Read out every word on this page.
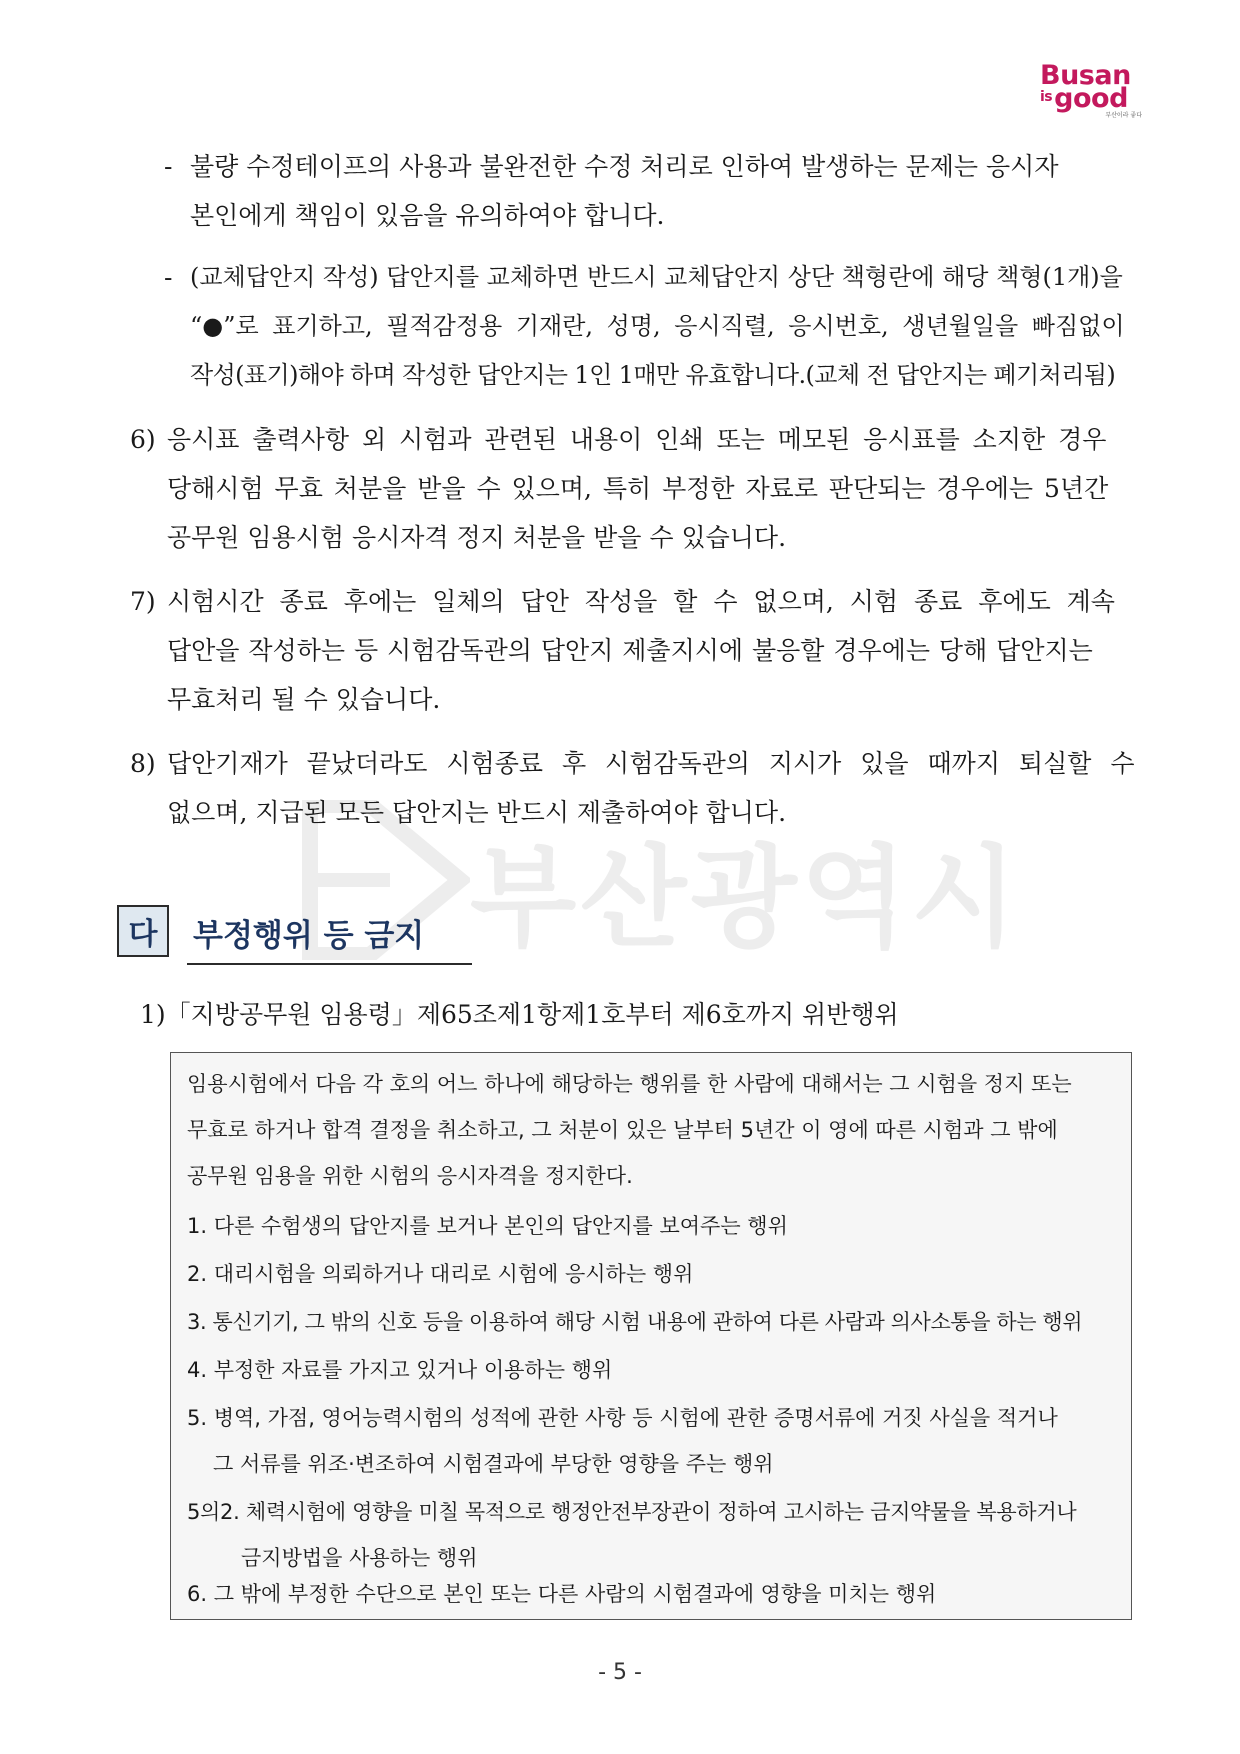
Busan
$^{is}$good
부산이라 좋다
부산광역시
- 불량 수정테이프의 사용과 불완전한 수정 처리로 인하여 발생하는 문제는 응시자
본인에게 책임이 있음을 유의하여야 합니다.
- (교체답안지 작성) 답안지를 교체하면 반드시 교체답안지 상단 책형란에 해당 책형(1개)을
“●”로 표기하고, 필적감정용 기재란, 성명, 응시직렬, 응시번호, 생년월일을 빠짐없이
작성(표기)해야 하며 작성한 답안지는 1인 1매만 유효합니다.(교체 전 답안지는 폐기처리됨)
6) 응시표 출력사항 외 시험과 관련된 내용이 인쇄 또는 메모된 응시표를 소지한 경우
당해시험 무효 처분을 받을 수 있으며, 특히 부정한 자료로 판단되는 경우에는 5년간
공무원 임용시험 응시자격 정지 처분을 받을 수 있습니다.
7) 시험시간 종료 후에는 일체의 답안 작성을 할 수 없으며, 시험 종료 후에도 계속
답안을 작성하는 등 시험감독관의 답안지 제출지시에 불응할 경우에는 당해 답안지는
무효처리 될 수 있습니다.
8) 답안기재가 끝났더라도 시험종료 후 시험감독관의 지시가 있을 때까지 퇴실할 수
없으며, 지급된 모든 답안지는 반드시 제출하여야 합니다.
다	부정행위 등 금지
1)「지방공무원 임용령」제65조제1항제1호부터 제6호까지 위반행위
임용시험에서 다음 각 호의 어느 하나에 해당하는 행위를 한 사람에 대해서는 그 시험을 정지 또는
무효로 하거나 합격 결정을 취소하고, 그 처분이 있은 날부터 5년간 이 영에 따른 시험과 그 밖에
공무원 임용을 위한 시험의 응시자격을 정지한다.
1. 다른 수험생의 답안지를 보거나 본인의 답안지를 보여주는 행위
2. 대리시험을 의뢰하거나 대리로 시험에 응시하는 행위
3. 통신기기, 그 밖의 신호 등을 이용하여 해당 시험 내용에 관하여 다른 사람과 의사소통을 하는 행위
4. 부정한 자료를 가지고 있거나 이용하는 행위
5. 병역, 가점, 영어능력시험의 성적에 관한 사항 등 시험에 관한 증명서류에 거짓 사실을 적거나
그 서류를 위조·변조하여 시험결과에 부당한 영향을 주는 행위
5의2. 체력시험에 영향을 미칠 목적으로 행정안전부장관이 정하여 고시하는 금지약물을 복용하거나
금지방법을 사용하는 행위
6. 그 밖에 부정한 수단으로 본인 또는 다른 사람의 시험결과에 영향을 미치는 행위
- 5 -
